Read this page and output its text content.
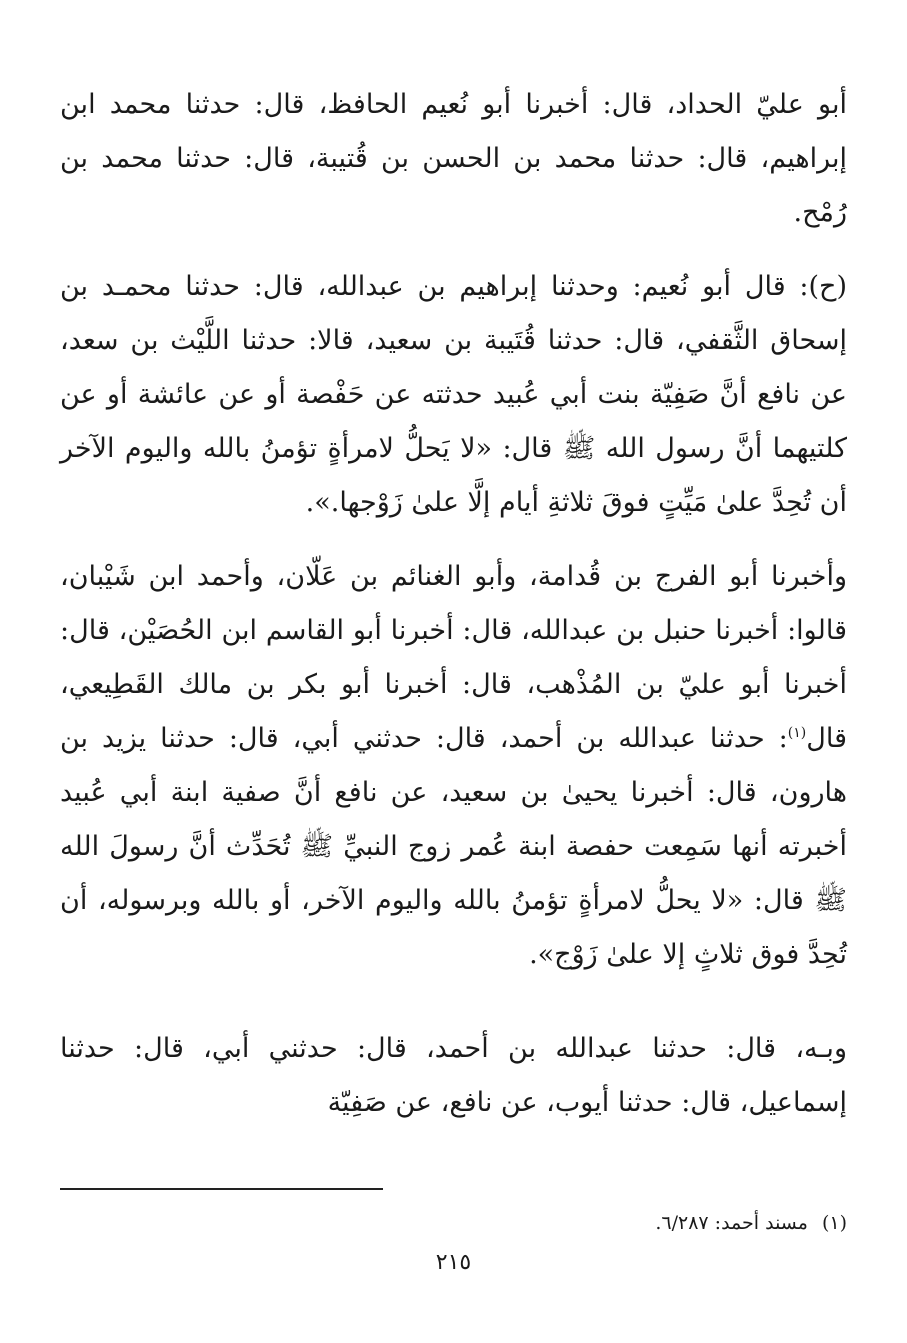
أبو عليّ الحداد، قال: أخبرنا أبو نُعيم الحافظ، قال: حدثنا محمد ابن إبراهيم، قال: حدثنا محمد بن الحسن بن قُتيبة، قال: حدثنا محمد بن رُمْح.

(ح): قال أبو نُعيم: وحدثنا إبراهيم بن عبدالله، قال: حدثنا محمـد بن إسحاق الثَّقفي، قال: حدثنا قُتَيبة بن سعيد، قالا: حدثنا اللَّيْث بن سعد، عن نافع أنَّ صَفِيّة بنت أبي عُبيد حدثته عن حَفْصة أو عن عائشة أو عن كلتيهما أنَّ رسول الله ﷺ قال: «لا يَحلُّ لامرأةٍ تؤمنُ بالله واليوم الآخر أن تُحِدَّ علىٰ مَيِّتٍ فوقَ ثلاثةِ أيام إلَّا علىٰ زَوْجها.».

وأخبرنا أبو الفرج بن قُدامة، وأبو الغنائم بن عَلّان، وأحمد ابن شَيْبان، قالوا: أخبرنا حنبل بن عبدالله، قال: أخبرنا أبو القاسم ابن الحُصَيْن، قال: أخبرنا أبو عليّ بن المُذْهب، قال: أخبرنا أبو بكر بن مالك القَطِيعي، قال$^{(١)}$: حدثنا عبدالله بن أحمد، قال: حدثني أبي، قال: حدثنا يزيد بن هارون، قال: أخبرنا يحيىٰ بن سعيد، عن نافع أنَّ صفية ابنة أبي عُبيد أخبرته أنها سَمِعت حفصة ابنة عُمر زوج النبيِّ ﷺ تُحَدِّث أنَّ رسولَ الله ﷺ قال: «لا يحلُّ لامرأةٍ تؤمنُ بالله واليوم الآخر، أو بالله وبرسوله، أن تُحِدَّ فوق ثلاثٍ إلا علىٰ زَوْج».

وبـه، قال: حدثنا عبدالله بن أحمد، قال: حدثني أبي، قال: حدثنا إسماعيل، قال: حدثنا أيوب، عن نافع، عن صَفِيّة

(١)مسند أحمد: ٦/٢٨٧.
٢١٥
